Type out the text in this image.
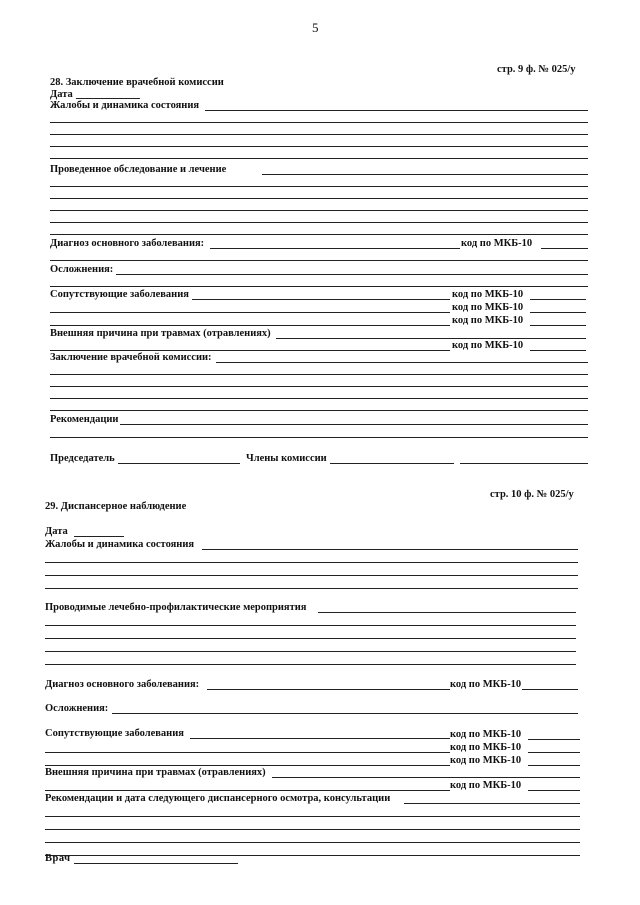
5
стр. 9 ф. № 025/у
28. Заключение врачебной комиссии
Дата
Жалобы и динамика состояния
Проведенное обследование и лечение
Диагноз основного заболевания:	код по МКБ-10
Осложнения:
Сопутствующие заболевания	код по МКБ-10
код по МКБ-10
код по МКБ-10
Внешняя причина при травмах (отравлениях)
код по МКБ-10
Заключение врачебной комиссии:
Рекомендации
Председатель	Члены комиссии
стр. 10 ф. № 025/у
29. Диспансерное наблюдение
Дата
Жалобы и динамика состояния
Проводимые лечебно-профилактические мероприятия
Диагноз основного заболевания:	код по МКБ-10
Осложнения:
Сопутствующие заболевания	код по МКБ-10
код по МКБ-10
код по МКБ-10
Внешняя причина при травмах (отравлениях)
код по МКБ-10
Рекомендации и дата следующего диспансерного осмотра, консультации
Врач
